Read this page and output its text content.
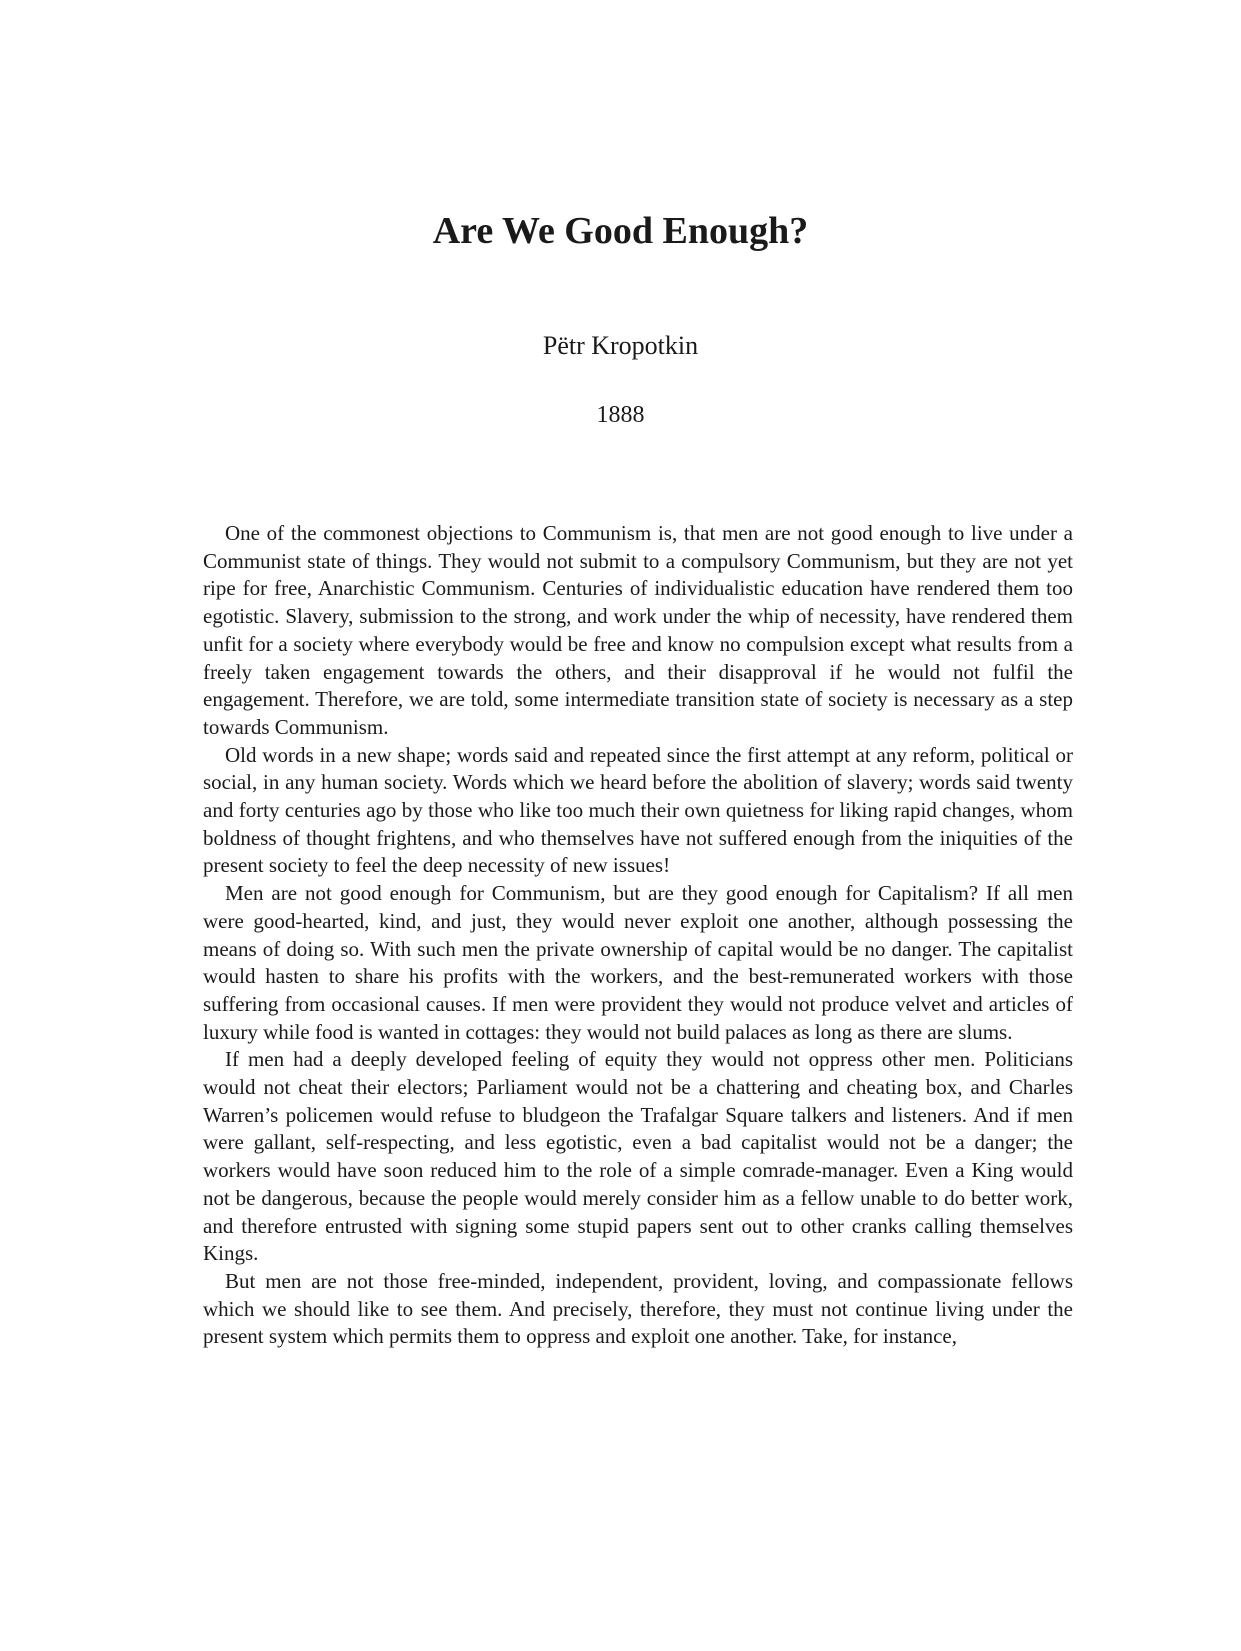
Are We Good Enough?
Pëtr Kropotkin
1888

One of the commonest objections to Communism is, that men are not good enough to live under a Communist state of things. They would not submit to a compulsory Communism, but they are not yet ripe for free, Anarchistic Communism. Centuries of individualistic education have rendered them too egotistic. Slavery, submission to the strong, and work under the whip of necessity, have rendered them unfit for a society where everybody would be free and know no compulsion except what results from a freely taken engagement towards the others, and their disapproval if he would not fulfil the engagement. Therefore, we are told, some intermediate transition state of society is necessary as a step towards Communism.

Old words in a new shape; words said and repeated since the first attempt at any reform, political or social, in any human society. Words which we heard before the abolition of slavery; words said twenty and forty centuries ago by those who like too much their own quietness for liking rapid changes, whom boldness of thought frightens, and who themselves have not suffered enough from the iniquities of the present society to feel the deep necessity of new issues!

Men are not good enough for Communism, but are they good enough for Capitalism? If all men were good-hearted, kind, and just, they would never exploit one another, although possessing the means of doing so. With such men the private ownership of capital would be no danger. The capitalist would hasten to share his profits with the workers, and the best-remunerated workers with those suffering from occasional causes. If men were provident they would not produce velvet and articles of luxury while food is wanted in cottages: they would not build palaces as long as there are slums.

If men had a deeply developed feeling of equity they would not oppress other men. Politicians would not cheat their electors; Parliament would not be a chattering and cheating box, and Charles Warren’s policemen would refuse to bludgeon the Trafalgar Square talkers and listeners. And if men were gallant, self-respecting, and less egotistic, even a bad capitalist would not be a danger; the workers would have soon reduced him to the role of a simple comrade-manager. Even a King would not be dangerous, because the people would merely consider him as a fellow unable to do better work, and therefore entrusted with signing some stupid papers sent out to other cranks calling themselves Kings.

But men are not those free-minded, independent, provident, loving, and compassionate fellows which we should like to see them. And precisely, therefore, they must not continue living under the present system which permits them to oppress and exploit one another. Take, for instance,
